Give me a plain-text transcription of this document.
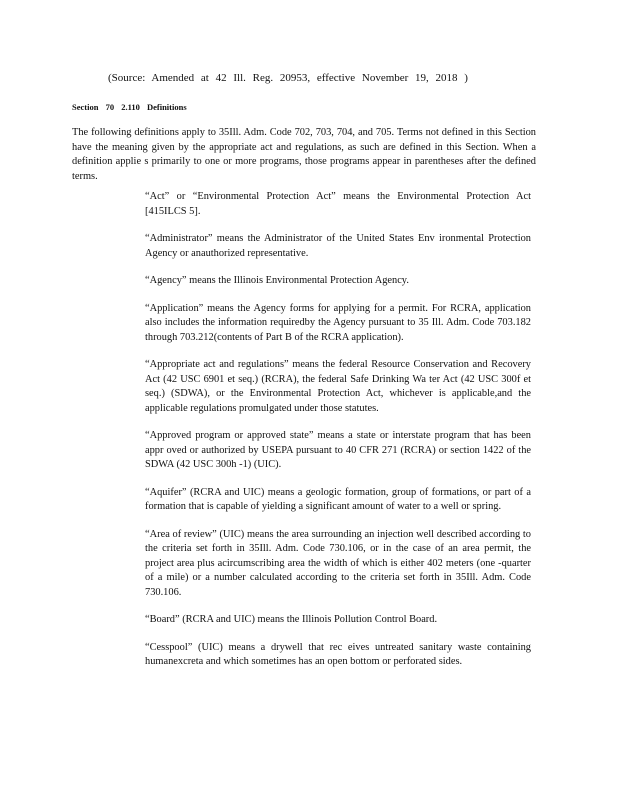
(Source: Amended at 42 Ill. Reg. 20953, effective November 19, 2018 )
Section 70 2.110 Definitions
The following definitions apply to 35Ill. Adm. Code 702, 703, 704, and 705. Terms not defined in this Section have the meaning given by the appropriate act and regulations, as such are defined in this Section. When a definition applie s primarily to one or more programs, those programs appear in parentheses after the defined terms.

“Act” or “Environmental Protection Act” means the Environmental Protection Act [415ILCS 5].

“Administrator” means the Administrator of the United States Env ironmental Protection Agency or anauthorized representative.

“Agency” means the Illinois Environmental Protection Agency.

“Application” means the Agency forms for applying for a permit. For RCRA, application also includes the information requiredby the Agency pursuant to 35 Ill. Adm. Code 703.182 through 703.212(contents of Part B of the RCRA application).

“Appropriate act and regulations” means the federal Resource Conservation and Recovery Act (42 USC 6901 et seq.) (RCRA), the federal Safe Drinking Wa ter Act (42 USC 300f et seq.) (SDWA), or the Environmental Protection Act, whichever is applicable,and the applicable regulations promulgated under those statutes.

“Approved program or approved state” means a state or interstate program that has been appr oved or authorized by USEPA pursuant to 40 CFR 271 (RCRA) or section 1422 of the SDWA (42 USC 300h -1) (UIC).

“Aquifer” (RCRA and UIC) means a geologic formation, group of formations, or part of a formation that is capable of yielding a significant amount of water to a well or spring.

“Area of review” (UIC) means the area surrounding an injection well described according to the criteria set forth in 35Ill. Adm. Code 730.106, or in the case of an area permit, the project area plus acircumscribing area the width of which is either 402 meters (one -quarter of a mile) or a number calculated according to the criteria set forth in 35Ill. Adm. Code 730.106.

“Board” (RCRA and UIC) means the Illinois Pollution Control Board.

“Cesspool” (UIC) means a drywell that rec eives untreated sanitary waste containing humanexcreta and which sometimes has an open bottom or perforated sides.
